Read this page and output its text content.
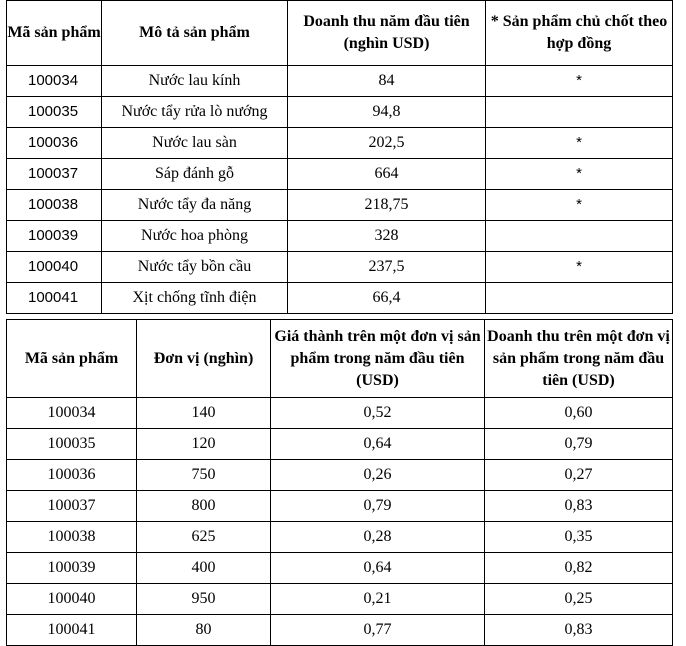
Mã sản phẩm	Mô tả sản phẩm	Doanh thu năm đầu tiên (nghìn USD)	* Sản phẩm chủ chốt theo hợp đồng
100034	Nước lau kính	84	*
100035	Nước tẩy rửa lò nướng	94,8	
100036	Nước lau sàn	202,5	*
100037	Sáp đánh gỗ	664	*
100038	Nước tẩy đa năng	218,75	*
100039	Nước hoa phòng	328	
100040	Nước tẩy bồn cầu	237,5	*
100041	Xịt chống tĩnh điện	66,4	
Mã sản phẩm	Đơn vị (nghìn)	Giá thành trên một đơn vị sản phẩm trong năm đầu tiên (USD)	Doanh thu trên một đơn vị sản phẩm trong năm đầu tiên (USD)
100034	140	0,52	0,60
100035	120	0,64	0,79
100036	750	0,26	0,27
100037	800	0,79	0,83
100038	625	0,28	0,35
100039	400	0,64	0,82
100040	950	0,21	0,25
100041	80	0,77	0,83
